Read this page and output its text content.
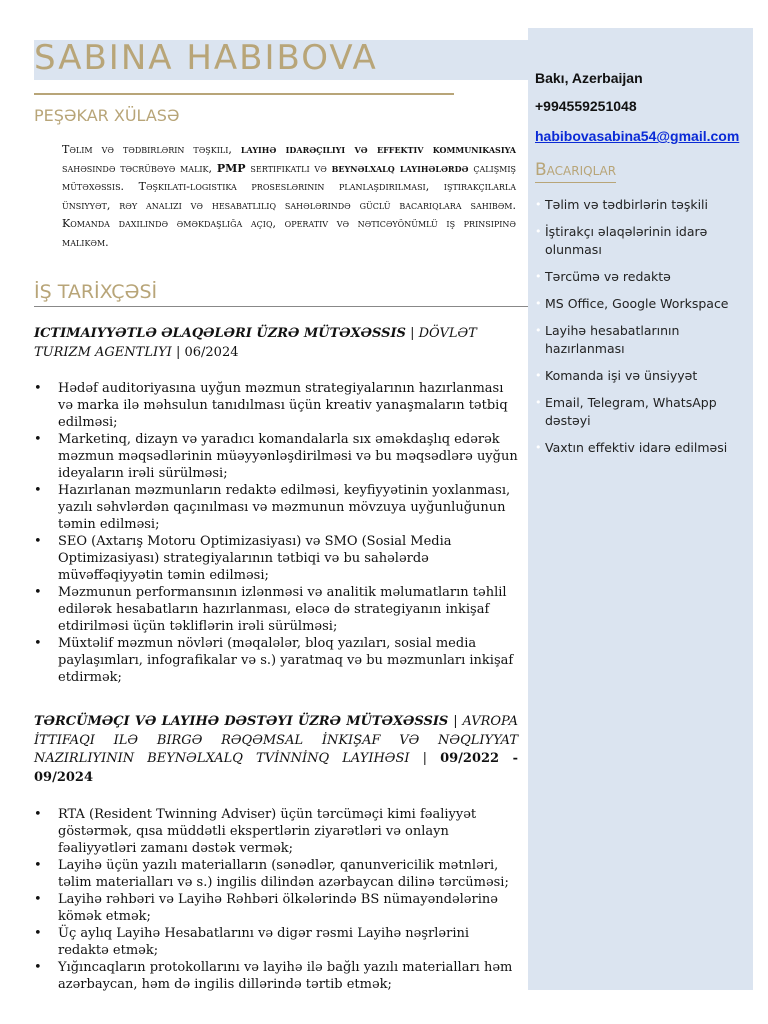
SABINA HABIBOVA	Bakı, Azerbaijan
+994559251048
habibovasabina54@gmail.com
Bacarıqlar
• Təlim və tədbirlərin təşkili
• İştirakçı əlaqələrinin idarə olunması
• Tərcümə və redaktə
• MS Office, Google Workspace
• Layihə hesabatlarının hazırlanması
• Komanda işi və ünsiyyət
• Email, Telegram, WhatsApp dəstəyi
• Vaxtın effektiv idarə edilməsi
PEŞƏKAR XÜLASƏ

Təlim və tədbirlərin təşkili, layihə idarəçiliyi və effektiv kommunikasiya sahəsində təcrübəyə malik, PMP sertifikatlı və beynəlxalq layihələrdə çalışmış mütəxəssis. Təşkilati-logistika proseslərinin planlaşdırılması, iştirakçılarla ünsiyyət, rəy analizi və hesabatlılıq sahələrində güclü bacarıqlara sahibəm. Komanda daxilində əməkdaşlığa açıq, operativ və nəticəyönümlü iş prinsipinə malikəm.

İŞ TARİXÇƏSİ

ICTIMAIYYƏTLƏ ƏLAQƏLƏRI ÜZRƏ MÜTƏXƏSSIS | DÖVLƏT TURIZM AGENTLIYI | 06/2024

• Hədəf auditoriyasına uyğun məzmun strategiyalarının hazırlanması və marka ilə məhsulun tanıdılması üçün kreativ yanaşmaların tətbiq edilməsi;
• Marketinq, dizayn və yaradıcı komandalarla sıx əməkdaşlıq edərək məzmun məqsədlərinin müəyyənləşdirilməsi və bu məqsədlərə uyğun ideyaların irəli sürülməsi;
• Hazırlanan məzmunların redaktə edilməsi, keyfiyyətinin yoxlanması, yazılı səhvlərdən qaçınılması və məzmunun mövzuya uyğunluğunun təmin edilməsi;
• SEO (Axtarış Motoru Optimizasiyası) və SMO (Sosial Media Optimizasiyası) strategiyalarının tətbiqi və bu sahələrdə müvəffəqiyyətin təmin edilməsi;
• Məzmunun performansının izlənməsi və analitik məlumatların təhlil edilərək hesabatların hazırlanması, eləcə də strategiyanın inkişaf etdirilməsi üçün təkliflərin irəli sürülməsi;
• Müxtəlif məzmun növləri (məqalələr, bloq yazıları, sosial media paylaşımları, infografikalar və s.) yaratmaq və bu məzmunları inkişaf etdirmək;

TƏRCÜMƏÇI VƏ LAYIHƏ DƏSTƏYI ÜZRƏ MÜTƏXƏSSIS | AVROPA İTTIFAQI ILƏ BIRGƏ RƏQƏMSAL İNKIŞAF VƏ NƏQLIYYAT NAZIRLIYININ BEYNƏLXALQ TVİNNİNQ LAYIHƏSI | 09/2022 - 09/2024

• RTA (Resident Twinning Adviser) üçün tərcüməçi kimi fəaliyyət göstərmək, qısa müddətli ekspertlərin ziyarətləri və onlayn fəaliyyətləri zamanı dəstək vermək;
• Layihə üçün yazılı materialların (sənədlər, qanunvericilik mətnləri, təlim materialları və s.) ingilis dilindən azərbaycan dilinə tərcüməsi;
• Layihə rəhbəri və Layihə Rəhbəri ölkələrində BS nümayəndələrinə kömək etmək;
• Üç aylıq Layihə Hesabatlarını və digər rəsmi Layihə nəşrlərini redaktə etmək;
• Yığıncaqların protokollarını və layihə ilə bağlı yazılı materialları həm azərbaycan, həm də ingilis dillərində tərtib etmək;
